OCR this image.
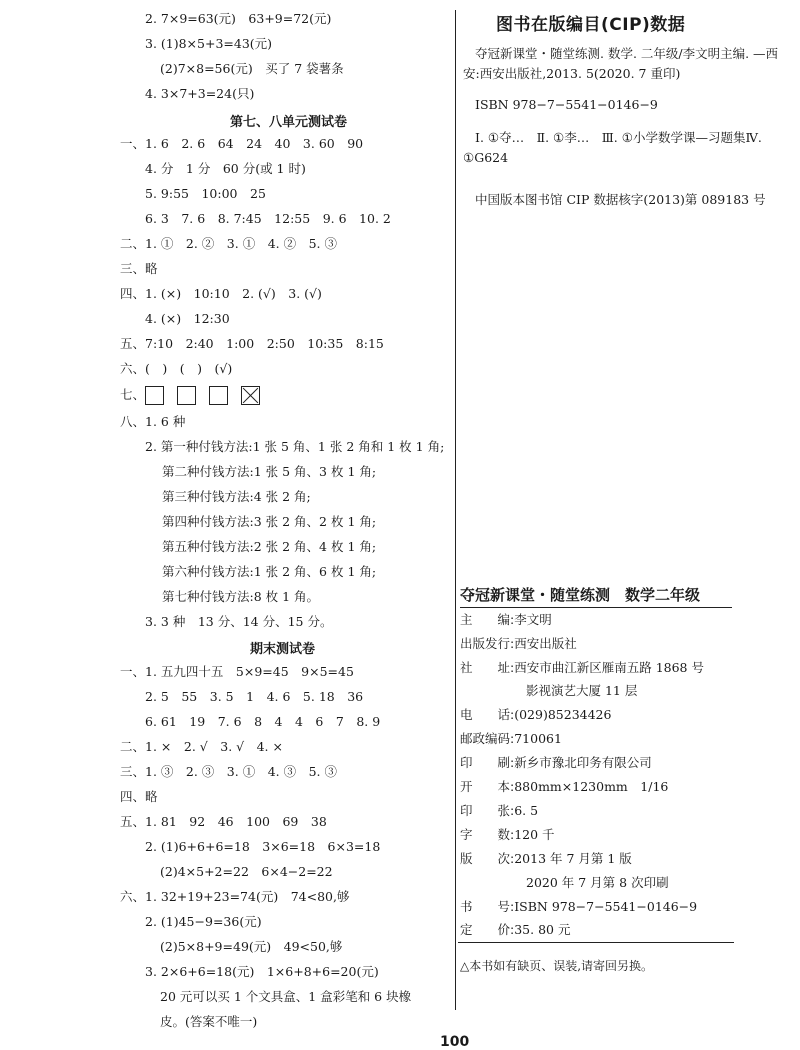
2. 7×9=63(元)　63+9=72(元)
3. (1)8×5+3=43(元)
(2)7×8=56(元)　买了 7 袋薯条
4. 3×7+3=24(只)
第七、八单元测试卷
一、1. 6　2. 6　64　24　40　3. 60　90
4. 分　1 分　60 分(或 1 时)
5. 9:55　10:00　25
6. 3　7. 6　8. 7:45　12:55　9. 6　10. 2
二、1. ①　2. ②　3. ①　4. ②　5. ③
三、略
四、1. (×)　10:10　2. (√)　3. (√)
4. (×)　12:30
五、7:10　2:40　1:00　2:50　10:35　8:15
六、(　)　(　)　(√)
七、
八、1. 6 种
2. 第一种付钱方法:1 张 5 角、1 张 2 角和 1 枚 1 角;
第二种付钱方法:1 张 5 角、3 枚 1 角;
第三种付钱方法:4 张 2 角;
第四种付钱方法:3 张 2 角、2 枚 1 角;
第五种付钱方法:2 张 2 角、4 枚 1 角;
第六种付钱方法:1 张 2 角、6 枚 1 角;
第七种付钱方法:8 枚 1 角。
3. 3 种　13 分、14 分、15 分。
期末测试卷
一、1. 五九四十五　5×9=45　9×5=45
2. 5　55　3. 5　1　4. 6　5. 18　36
6. 61　19　7. 6　8　4　4　6　7　8. 9
二、1. ×　2. √　3. √　4. ×
三、1. ③　2. ③　3. ①　4. ③　5. ③
四、略
五、1. 81　92　46　100　69　38
2. (1)6+6+6=18　3×6=18　6×3=18
(2)4×5+2=22　6×4−2=22
六、1. 32+19+23=74(元)　74<80,够
2. (1)45−9=36(元)
(2)5×8+9=49(元)　49<50,够
3. 2×6+6=18(元)　1×6+8+6=20(元)
20 元可以买 1 个文具盒、1 盒彩笔和 6 块橡
皮。(答案不唯一)
图书在版编目(CIP)数据
夺冠新课堂・随堂练测. 数学. 二年级/李文明主编. —西安:西安出版社,2013. 5(2020. 7 重印)
ISBN 978−7−5541−0146−9
Ⅰ. ①夺…　Ⅱ. ①李…　Ⅲ. ①小学数学课—习题集Ⅳ. ①G624
中国版本图书馆 CIP 数据核字(2013)第 089183 号
夺冠新课堂・随堂练测　数学二年级
主　　编:李文明
出版发行:西安出版社
社　　址:西安市曲江新区雁南五路 1868 号
影视演艺大厦 11 层
电　　话:(029)85234426
邮政编码:710061
印　　刷:新乡市豫北印务有限公司
开　　本:880mm×1230mm　1/16
印　　张:6. 5
字　　数:120 千
版　　次:2013 年 7 月第 1 版
2020 年 7 月第 8 次印刷
书　　号:ISBN 978−7−5541−0146−9
定　　价:35. 80 元
△本书如有缺页、误装,请寄回另换。
100
